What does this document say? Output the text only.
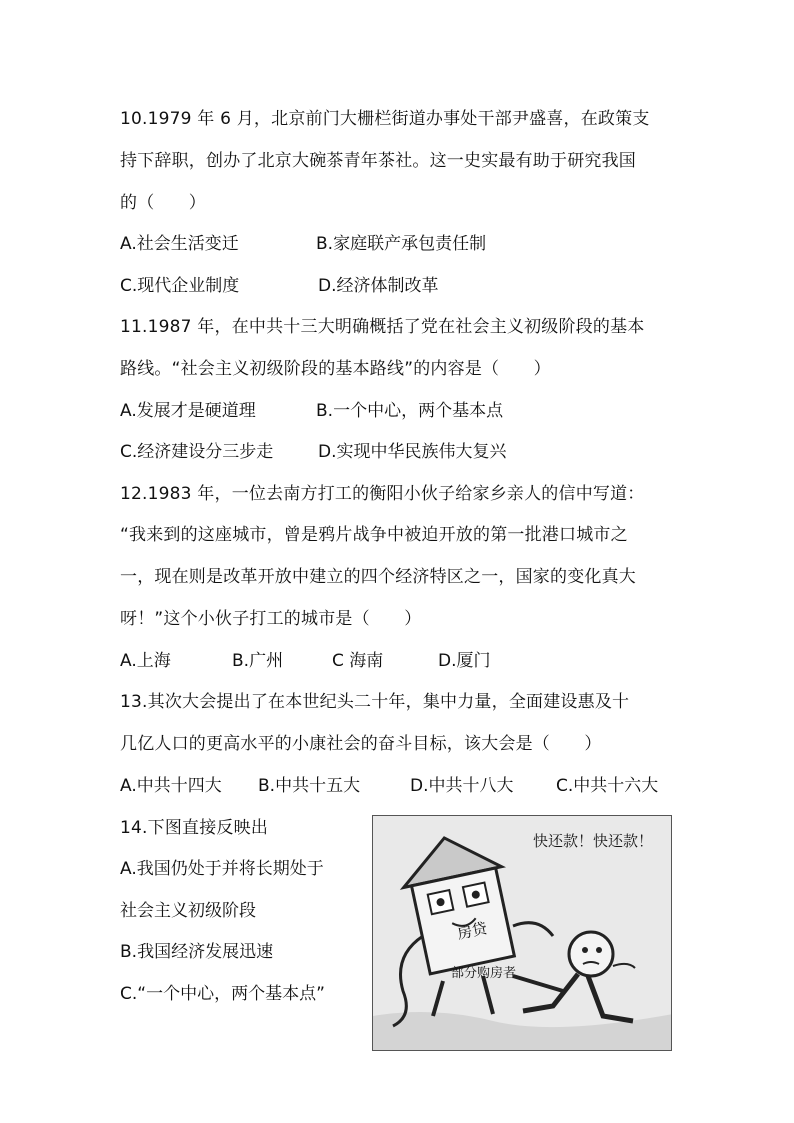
10.1979 年 6 月，北京前门大栅栏街道办事处干部尹盛喜，在政策支
持下辞职，创办了北京大碗茶青年茶社。这一史实最有助于研究我国
的（　　）
A.社会生活变迁	B.家庭联产承包责任制
C.现代企业制度	D.经济体制改革
11.1987 年，在中共十三大明确概括了党在社会主义初级阶段的基本
路线。“社会主义初级阶段的基本路线”的内容是（　　）
A.发展才是硬道理	B.一个中心，两个基本点
C.经济建设分三步走	D.实现中华民族伟大复兴
12.1983 年，一位去南方打工的衡阳小伙子给家乡亲人的信中写道：
“我来到的这座城市，曾是鸦片战争中被迫开放的第一批港口城市之
一，现在则是改革开放中建立的四个经济特区之一，国家的变化真大
呀！”这个小伙子打工的城市是（　　）
A.上海	B.广州	C 海南	D.厦门
13.其次大会提出了在本世纪头二十年，集中力量，全面建设惠及十
几亿人口的更高水平的小康社会的奋斗目标，该大会是（　　）
A.中共十四大 B.中共十五大	D.中共十八大	C.中共十六大
14.下图直接反映出
A.我国仍处于并将长期处于
社会主义初级阶段
B.我国经济发展迅速
C.“一个中心，两个基本点”
快还款！快还款！
房贷
部分购房者
